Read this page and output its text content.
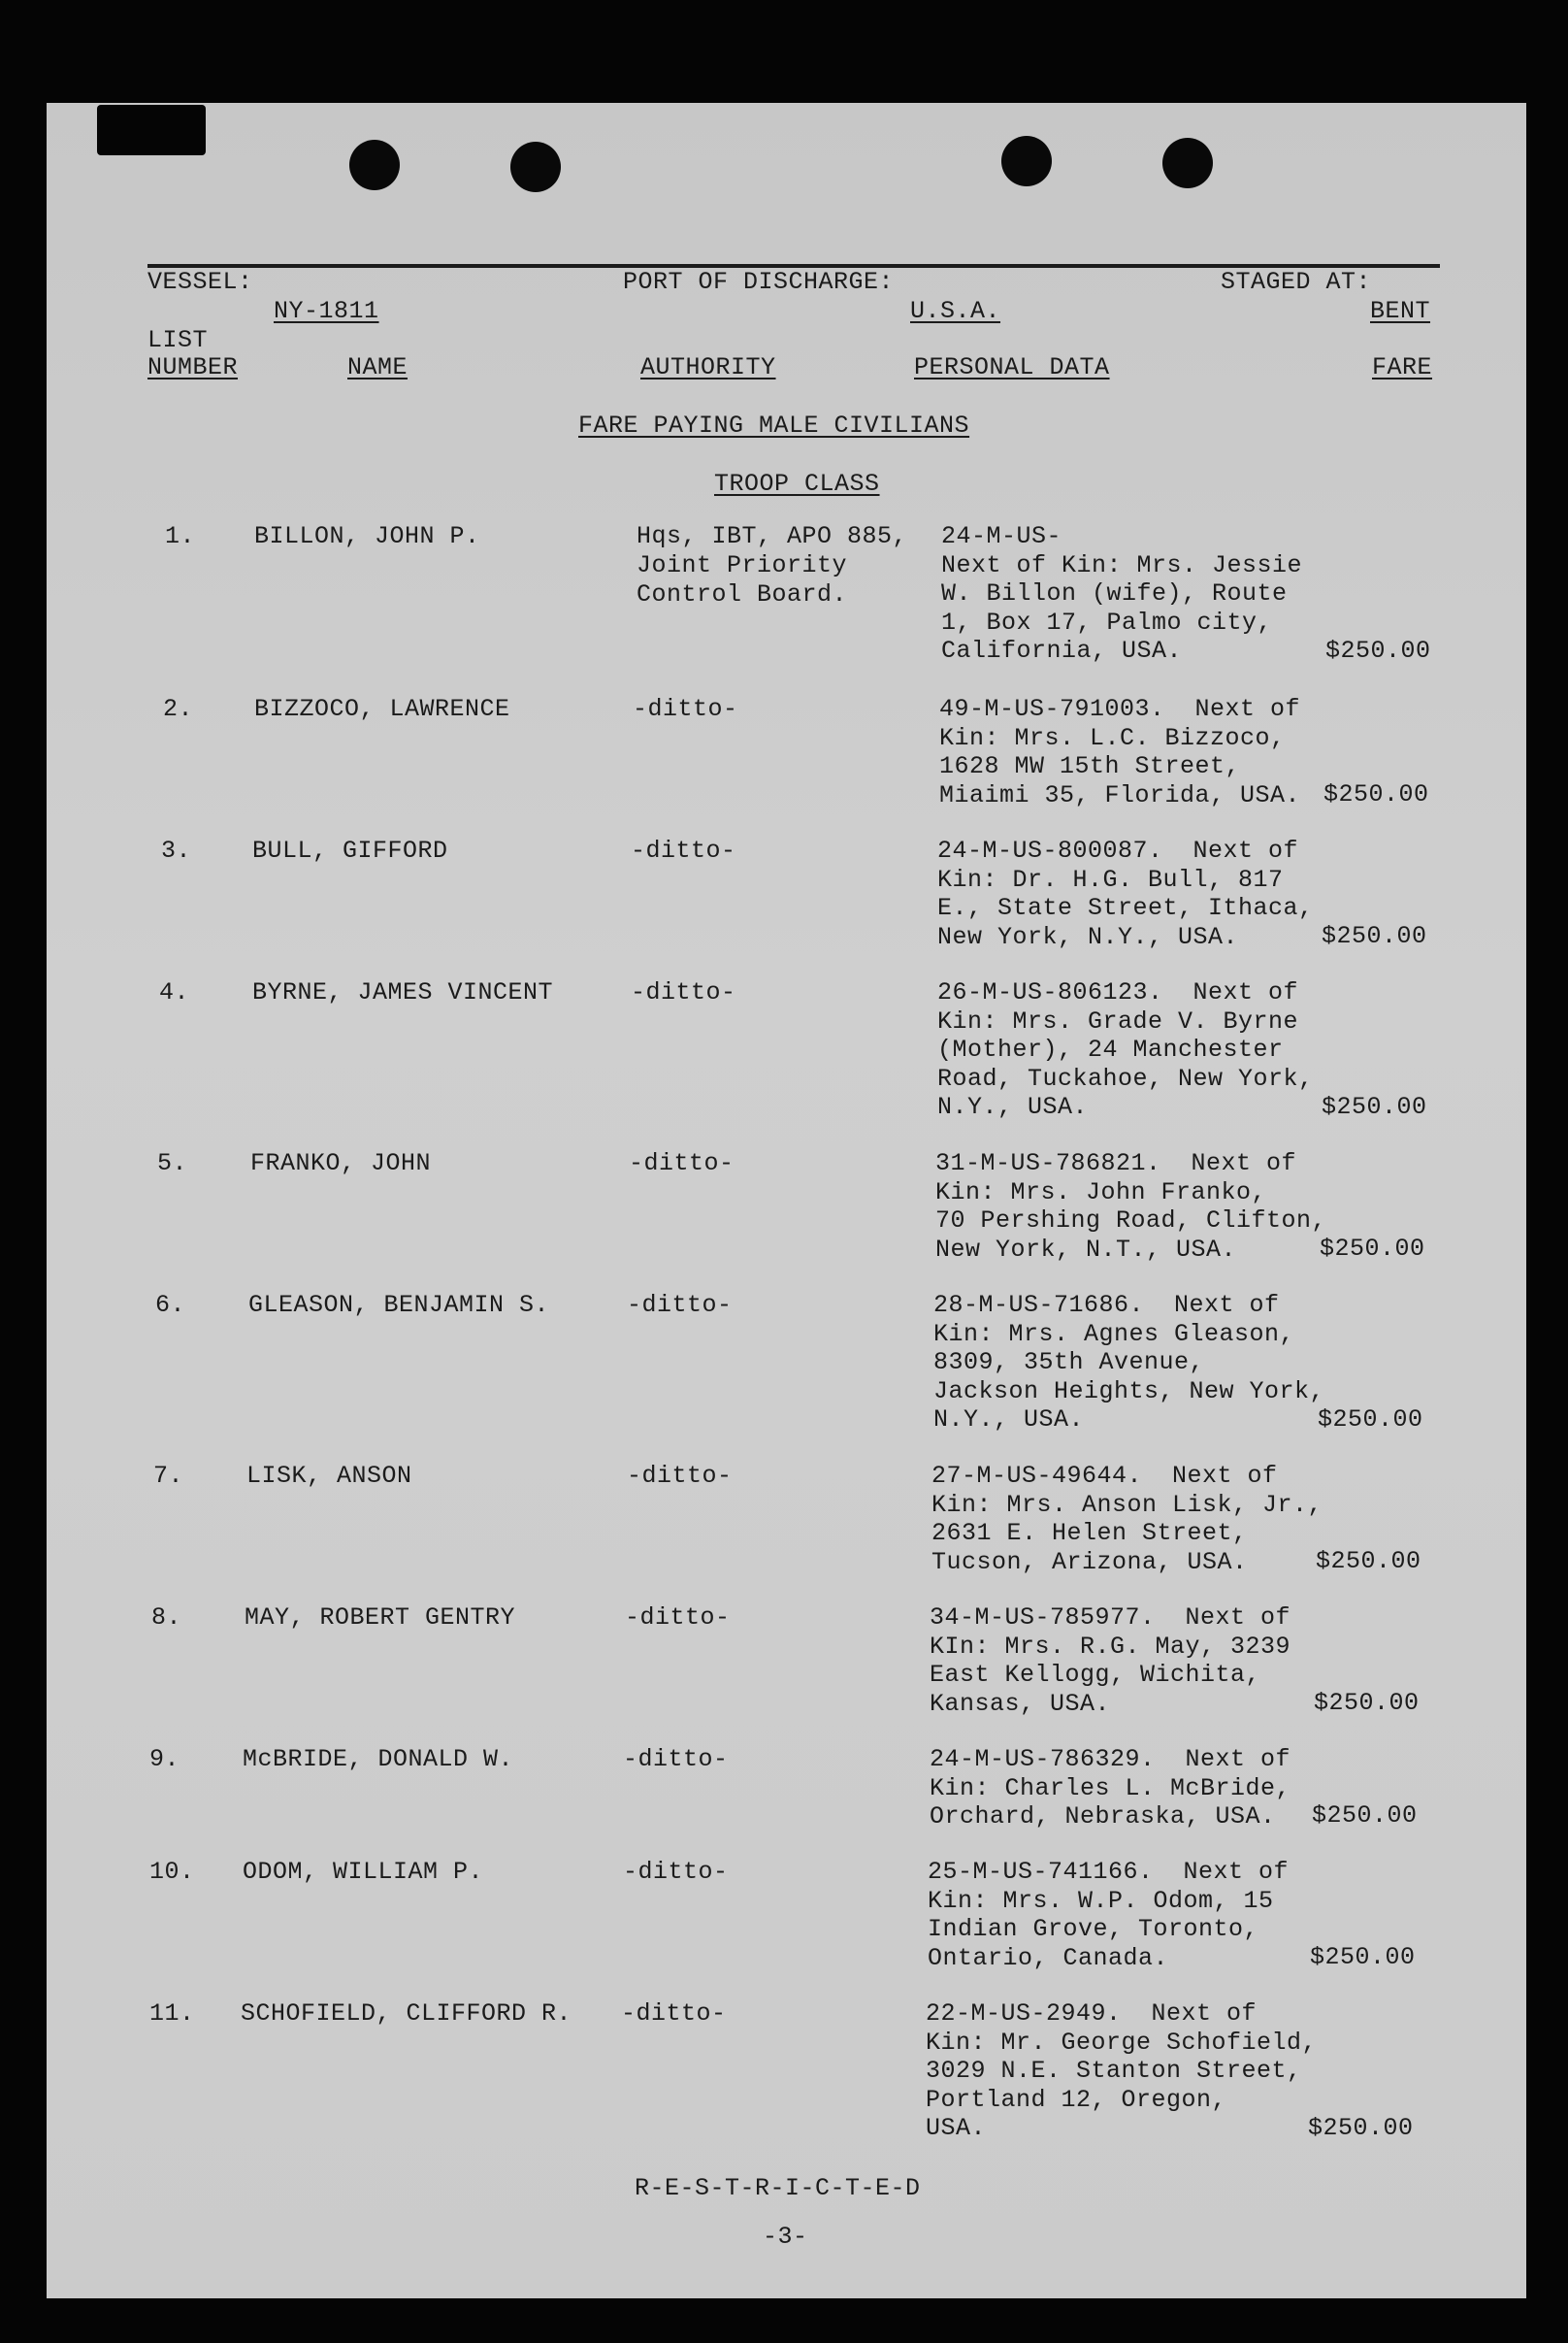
VESSEL:
NY-1811
PORT OF DISCHARGE:
U.S.A.
STAGED AT:
BENT
LIST
NUMBER	NAME	AUTHORITY	PERSONAL DATA	FARE
FARE PAYING MALE CIVILIANS
TROOP CLASS
1. BILLON, JOHN P.	Hqs, IBT, APO 885,
Joint Priority
Control Board.
24-M-US-
Next of Kin: Mrs. Jessie
W. Billon (wife), Route
1, Box 17, Palmo city,
California, USA.	$250.00
2.	BIZZOCO, LAWRENCE	-ditto-	49-M-US-791003.  Next of
Kin: Mrs. L.C. Bizzoco,
1628 MW 15th Street,
Miaimi 35, Florida, USA. $250.00
3.	BULL, GIFFORD	-ditto-	24-M-US-800087.  Next of
Kin: Dr. H.G. Bull, 817
E., State Street, Ithaca,
New York, N.Y., USA.	$250.00
4.	BYRNE, JAMES VINCENT	-ditto-	26-M-US-806123.  Next of
Kin: Mrs. Grade V. Byrne
(Mother), 24 Manchester
Road, Tuckahoe, New York,
N.Y., USA.	$250.00
5.	FRANKO, JOHN	-ditto-	31-M-US-786821.  Next of
Kin: Mrs. John Franko,
70 Pershing Road, Clifton,
New York, N.T., USA.	$250.00
6.	GLEASON, BENJAMIN S.	-ditto-	28-M-US-71686.  Next of
Kin: Mrs. Agnes Gleason,
8309, 35th Avenue,
Jackson Heights, New York,
N.Y., USA.	$250.00
7.	LISK, ANSON	-ditto-	27-M-US-49644.  Next of
Kin: Mrs. Anson Lisk, Jr.,
2631 E. Helen Street,
Tucson, Arizona, USA.	$250.00
8.	MAY, ROBERT GENTRY	-ditto-	34-M-US-785977.  Next of
KIn: Mrs. R.G. May, 3239
East Kellogg, Wichita,
Kansas, USA.	$250.00
9.	McBRIDE, DONALD W.	-ditto-	24-M-US-786329.  Next of
Kin: Charles L. McBride,
Orchard, Nebraska, USA.	$250.00
10. ODOM, WILLIAM P.	-ditto-	25-M-US-741166.  Next of
Kin: Mrs. W.P. Odom, 15
Indian Grove, Toronto,
Ontario, Canada.	$250.00
11. SCHOFIELD, CLIFFORD R. -ditto-	22-M-US-2949.  Next of
Kin: Mr. George Schofield,
3029 N.E. Stanton Street,
Portland 12, Oregon,
USA.	$250.00
R-E-S-T-R-I-C-T-E-D
-3-
